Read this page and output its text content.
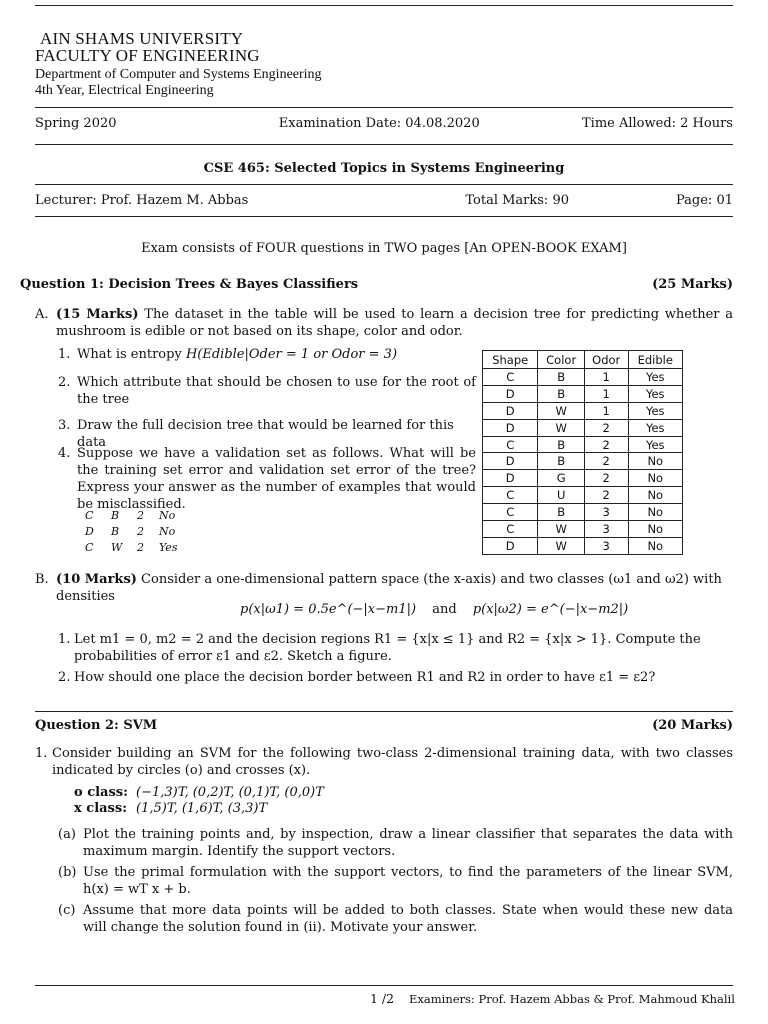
AIN SHAMS UNIVERSITY
FACULTY OF ENGINEERING
Department of Computer and Systems Engineering
4th Year, Electrical Engineering
Spring 2020	Examination Date: 04.08.2020	Time Allowed: 2 Hours
CSE 465: Selected Topics in Systems Engineering
Lecturer: Prof. Hazem M. Abbas	Total Marks: 90	Page: 01
Exam consists of FOUR questions in TWO pages [An OPEN-BOOK EXAM]
Question 1: Decision Trees & Bayes Classifiers	(25 Marks)
A. (15 Marks) The dataset in the table will be used to learn a decision tree for predicting whether a mushroom is edible or not based on its shape, color and odor.
1. What is entropy H(Edible|Oder = 1 or Odor = 3)
2. Which attribute that should be chosen to use for the root of the tree
3. Draw the full decision tree that would be learned for this data
4. Suppose we have a validation set as follows. What will be the training set error and validation set error of the tree? Express your answer as the number of examples that would be misclassified.
C B 2 No
D B 2 No
C W 2 Yes
Shape	Color	Odor	Edible
C	B	1	Yes
D	B	1	Yes
D	W	1	Yes
D	W	2	Yes
C	B	2	Yes
D	B	2	No
D	G	2	No
C	U	2	No
C	B	3	No
C	W	3	No
D	W	3	No
B. (10 Marks) Consider a one-dimensional pattern space (the x-axis) and two classes (ω1 and ω2) with densities
p(x|ω1) = 0.5e^(−|x−m1|) and p(x|ω2) = e^(−|x−m2|)
1. Let m1 = 0, m2 = 2 and the decision regions R1 = {x|x ≤ 1} and R2 = {x|x > 1}. Compute the probabilities of error ε1 and ε2. Sketch a figure.
2. How should one place the decision border between R1 and R2 in order to have ε1 = ε2?
Question 2: SVM	(20 Marks)
1. Consider building an SVM for the following two-class 2-dimensional training data, with two classes indicated by circles (o) and crosses (x).
o class: (−1,3)T, (0,2)T, (0,1)T, (0,0)T
x class: (1,5)T, (1,6)T, (3,3)T
(a) Plot the training points and, by inspection, draw a linear classifier that separates the data with maximum margin. Identify the support vectors.
(b) Use the primal formulation with the support vectors, to find the parameters of the linear SVM, h(x) = wT x + b.
(c) Assume that more data points will be added to both classes. State when would these new data will change the solution found in (ii). Motivate your answer.
1 /2 Examiners: Prof. Hazem Abbas & Prof. Mahmoud Khalil
